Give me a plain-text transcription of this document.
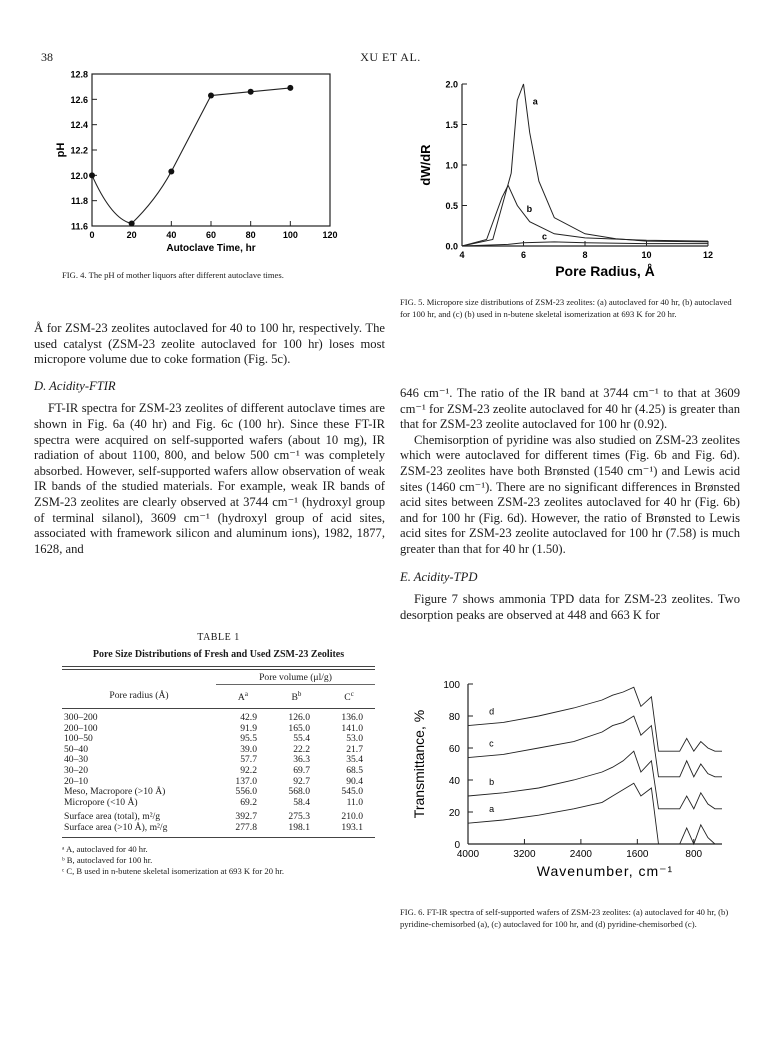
38	XU ET AL.
11.6
11.8
12.0
12.2
12.4
12.6
12.8
0	20	40	60	80	100	120
Autoclave Time, hr
pH
FIG. 4. The pH of mother liquors after different autoclave times.
0.0
0.5
1.0
1.5
2.0
4	6	8	10	12
Pore Radius, Å
dW/dR
a
b
c
FIG. 5. Micropore size distributions of ZSM-23 zeolites: (a) autoclaved for 40 hr, (b) autoclaved for 100 hr, and (c) (b) used in n-butene skeletal isomerization at 693 K for 20 hr.

Å for ZSM-23 zeolites autoclaved for 40 to 100 hr, respectively. The used catalyst (ZSM-23 zeolite autoclaved for 100 hr) loses most micropore volume due to coke formation (Fig. 5c).

D. Acidity-FTIR

FT-IR spectra for ZSM-23 zeolites of different autoclave times are shown in Fig. 6a (40 hr) and Fig. 6c (100 hr). Since these FT-IR spectra were acquired on self-supported wafers (about 10 mg), IR radiation of about 1100, 800, and below 500 cm⁻¹ was completely absorbed. However, self-supported wafers allow observation of weak IR bands of the studied materials. For example, weak IR bands of ZSM-23 zeolites are clearly observed at 3744 cm⁻¹ (hydroxyl group of terminal silanol), 3609 cm⁻¹ (hydroxyl group of acid sites, associated with framework silicon and aluminum ions), 1982, 1877, 1628, and

646 cm⁻¹. The ratio of the IR band at 3744 cm⁻¹ to that at 3609 cm⁻¹ for ZSM-23 zeolite autoclaved for 40 hr (4.25) is greater than that for ZSM-23 zeolite autoclaved for 100 hr (0.92).

Chemisorption of pyridine was also studied on ZSM-23 zeolites which were autoclaved for different times (Fig. 6b and Fig. 6d). ZSM-23 zeolites have both Brønsted (1540 cm⁻¹) and Lewis acid sites (1460 cm⁻¹). There are no significant differences in Brønsted acid sites between ZSM-23 zeolites autoclaved for 40 hr (Fig. 6b) and for 100 hr (Fig. 6d). However, the ratio of Brønsted to Lewis acid sites for ZSM-23 zeolite autoclaved for 100 hr (7.58) is much greater than that for 40 hr (1.50).

E. Acidity-TPD

Figure 7 shows ammonia TPD data for ZSM-23 zeolites. Two desorption peaks are observed at 448 and 663 K for

TABLE 1
Pore Size Distributions of Fresh and Used ZSM-23 Zeolites
	Pore volume (μl/g)		
Pore radius (Å)	$A^a$	$B^b$	$C^c$
300–200	42.9	126.0	136.0
200–100	91.9	165.0	141.0
100–50	95.5	55.4	53.0
50–40	39.0	22.2	21.7
40–30	57.7	36.3	35.4
30–20	92.2	69.7	68.5
20–10	137.0	92.7	90.4
Meso, Macropore (>10 Å)	556.0	568.0	545.0
Micropore (<10 Å)	69.2	58.4	11.0
Surface area (total), m²/g	392.7	275.3	210.0
Surface area (>10 Å), m²/g	277.8	198.1	193.1
ᵃ A, autoclaved for 40 hr.
ᵇ B, autoclaved for 100 hr.
ᶜ C, B used in n-butene skeletal isomerization at 693 K for 20 hr.
0
20
40
60
80
100
4000	3200	2400	1600	800
Wavenumber, cm⁻¹
Transmittance, %	a
b
c
d
FIG. 6. FT-IR spectra of self-supported wafers of ZSM-23 zeolites: (a) autoclaved for 40 hr, (b) pyridine-chemisorbed (a), (c) autoclaved for 100 hr, and (d) pyridine-chemisorbed (c).
